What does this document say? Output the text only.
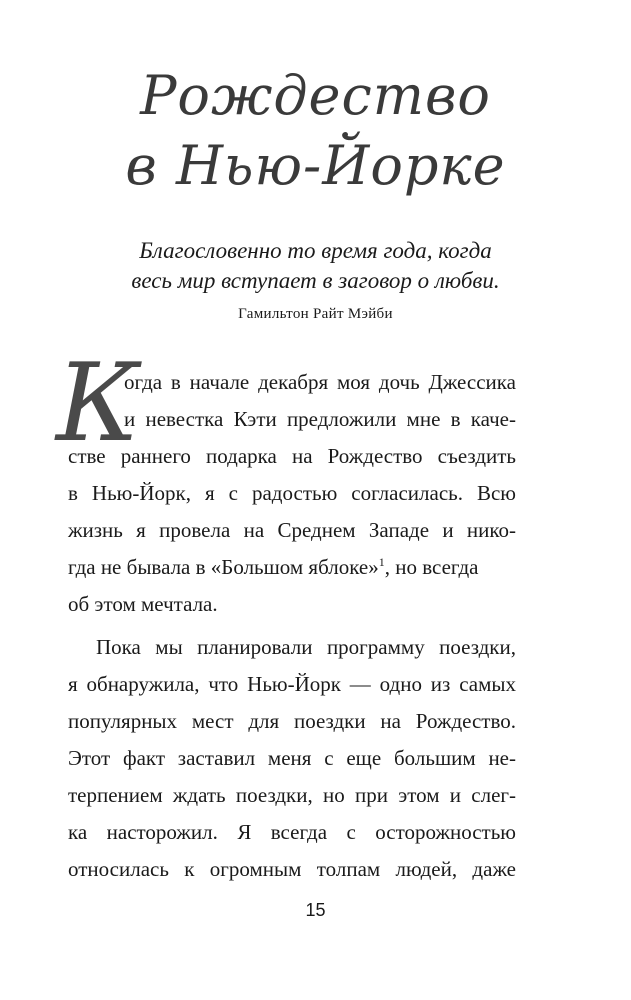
Рождество
в Нью-Йорке
Благословенно то время года, когда
весь мир вступает в заговор о любви.
Гамильтон Райт Мэйби
К
огда в начале декабря моя дочь Джессика
и невестка Кэти предложили мне в каче-
стве раннего подарка на Рождество съездить
в Нью-Йорк, я с радостью согласилась. Всю
жизнь я провела на Среднем Западе и нико-
гда не бывала в «Большом яблоке»$^1$, но всегда
об этом мечтала.
Пока мы планировали программу поездки,
я обнаружила, что Нью-Йорк — одно из самых
популярных мест для поездки на Рождество.
Этот факт заставил меня с еще большим не-
терпением ждать поездки, но при этом и слег-
ка насторожил. Я всегда с осторожностью
относилась к огромным толпам людей, даже
15
